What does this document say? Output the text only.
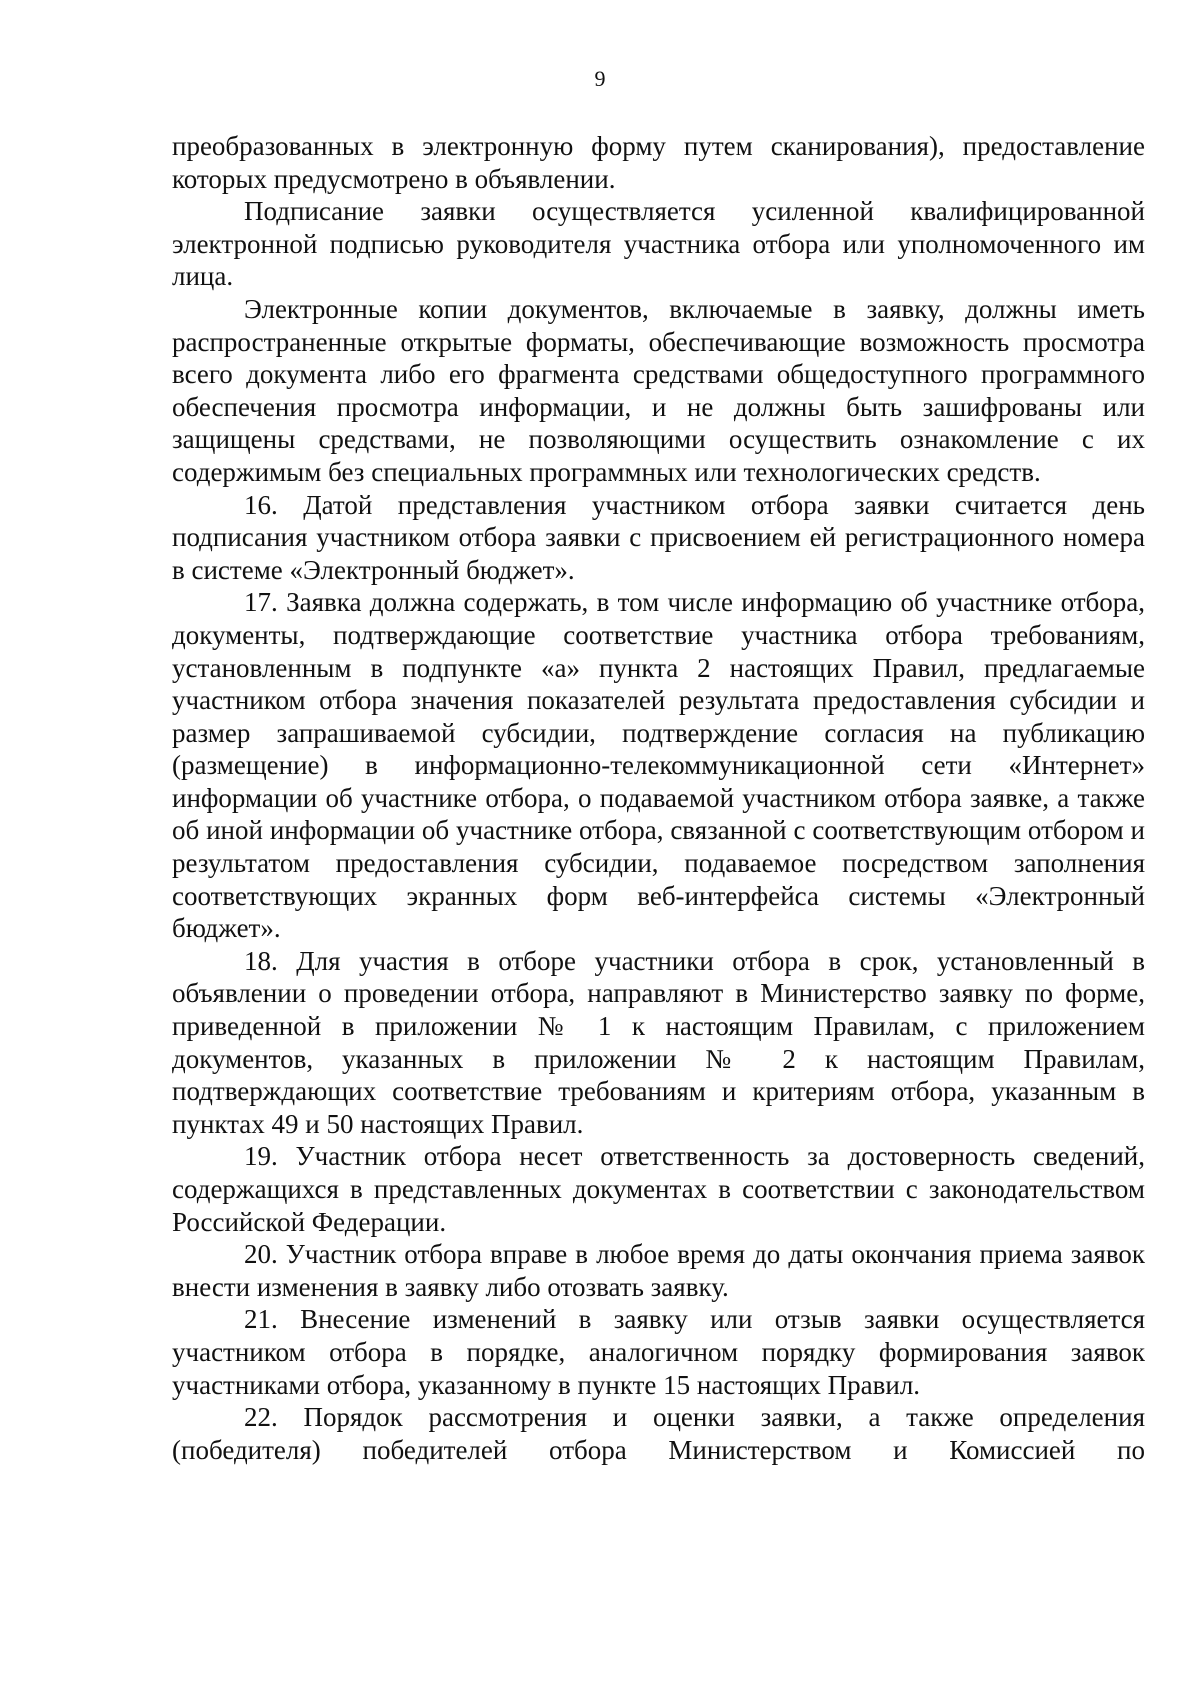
9

преобразованных в электронную форму путем сканирования), предоставление которых предусмотрено в объявлении.

Подписание заявки осуществляется усиленной квалифицированной электронной подписью руководителя участника отбора или уполномоченного им лица.

Электронные копии документов, включаемые в заявку, должны иметь распространенные открытые форматы, обеспечивающие возможность просмотра всего документа либо его фрагмента средствами общедоступного программного обеспечения просмотра информации, и не должны быть зашифрованы или защищены средствами, не позволяющими осуществить ознакомление с их содержимым без специальных программных или технологических средств.

16. Датой представления участником отбора заявки считается день подписания участником отбора заявки с присвоением ей регистрационного номера в системе «Электронный бюджет».

17. Заявка должна содержать, в том числе информацию об участнике отбора, документы, подтверждающие соответствие участника отбора требованиям, установленным в подпункте «а» пункта 2 настоящих Правил, предлагаемые участником отбора значения показателей результата предоставления субсидии и размер запрашиваемой субсидии, подтверждение согласия на публикацию (размещение) в информационно-телекоммуникационной сети «Интернет» информации об участнике отбора, о подаваемой участником отбора заявке, а также об иной информации об участнике отбора, связанной с соответствующим отбором и результатом предоставления субсидии, подаваемое посредством заполнения соответствующих экранных форм веб-интерфейса системы «Электронный бюджет».

18. Для участия в отборе участники отбора в срок, установленный в объявлении о проведении отбора, направляют в Министерство заявку по форме, приведенной в приложении № 1 к настоящим Правилам, с приложением документов, указанных в приложении № 2 к настоящим Правилам, подтверждающих соответствие требованиям и критериям отбора, указанным в пунктах 49 и 50 настоящих Правил.

19. Участник отбора несет ответственность за достоверность сведений, содержащихся в представленных документах в соответствии с законодательством Российской Федерации.

20. Участник отбора вправе в любое время до даты окончания приема заявок внести изменения в заявку либо отозвать заявку.

21. Внесение изменений в заявку или отзыв заявки осуществляется участником отбора в порядке, аналогичном порядку формирования заявок участниками отбора, указанному в пункте 15 настоящих Правил.

22. Порядок рассмотрения и оценки заявки, а также определения (победителя) победителей отбора Министерством и Комиссией по
